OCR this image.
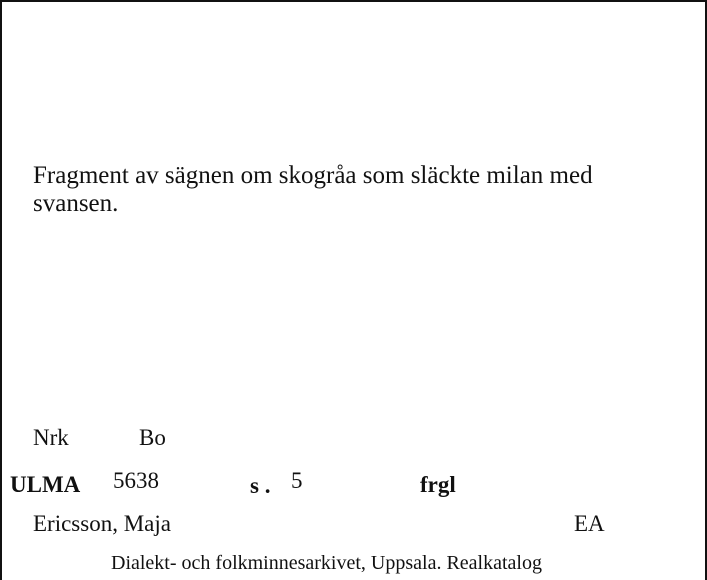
Fragment av sägnen om skogråa som släckte milan med svansen.
Nrk	Bo
ULMA 5638	s . 5	frgl
Ericsson, Maja	EA
Dialekt- och folkminnesarkivet, Uppsala. Realkatalog
